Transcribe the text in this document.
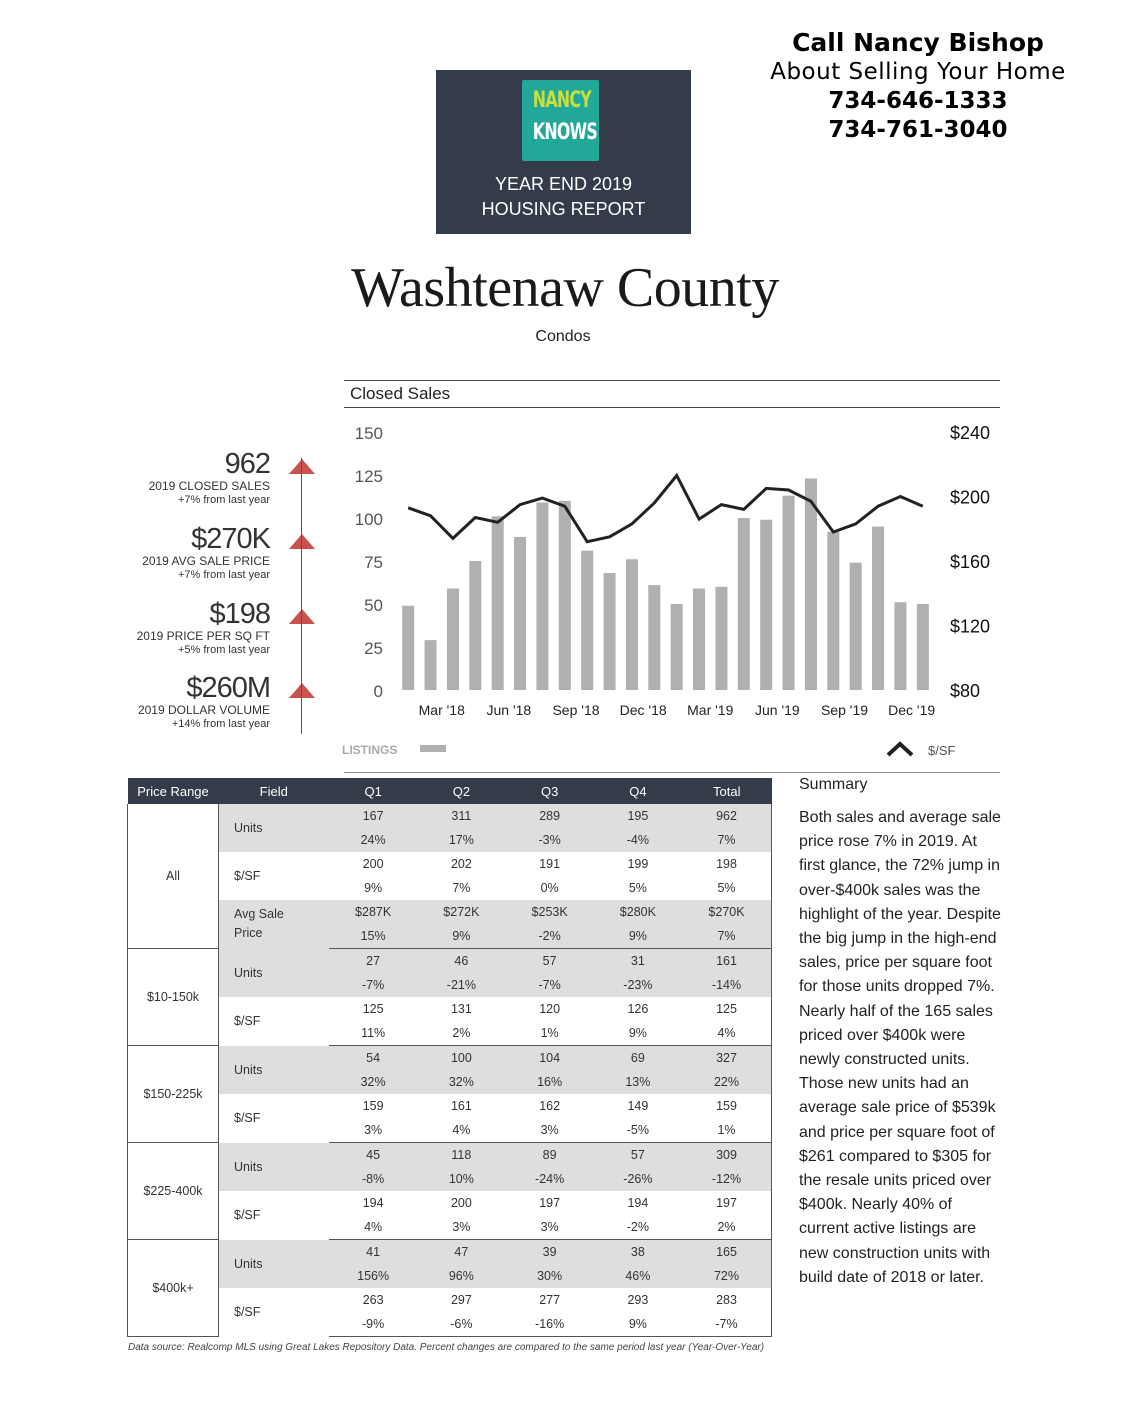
Call Nancy Bishop
About Selling Your Home
734-646-1333
734-761-3040
NANCY
KNOWS
YEAR END 2019
HOUSING REPORT
Washtenaw County
Condos
962
2019 CLOSED SALES
+7% from last year
$270K
2019 AVG SALE PRICE
+7% from last year
$198
2019 PRICE PER SQ FT
+5% from last year
$260M
2019 DOLLAR VOLUME
+14% from last year
Closed Sales
150
125
100
75
50
25
0
$240
$200
$160
$120
$80
Mar '18 Jun '18 Sep '18 Dec '18 Mar '19 Jun '19 Sep '19 Dec '19
LISTINGS	$/SF
Price Range	Field	Q1	Q2	Q3	Q4	Total
All	Units	167	311	289	195	962
		24%	17%	-3%	-4%	7%
	$/SF	200	202	191	199	198
		9%	7%	0%	5%	5%
	Avg Sale Price	$287K	$272K	$253K	$280K	$270K
		15%	9%	-2%	9%	7%
$10-150k	Units	27	46	57	31	161
		-7%	-21%	-7%	-23%	-14%
	$/SF	125	131	120	126	125
		11%	2%	1%	9%	4%
$150-225k	Units	54	100	104	69	327
		32%	32%	16%	13%	22%
	$/SF	159	161	162	149	159
		3%	4%	3%	-5%	1%
$225-400k	Units	45	118	89	57	309
		-8%	10%	-24%	-26%	-12%
	$/SF	194	200	197	194	197
		4%	3%	3%	-2%	2%
$400k+	Units	41	47	39	38	165
		156%	96%	30%	46%	72%
	$/SF	263	297	277	293	283
		-9%	-6%	-16%	9%	-7%
Summary
Both sales and average sale price rose 7% in 2019. At first glance, the 72% jump in over-$400k sales was the highlight of the year. Despite the big jump in the high-end sales, price per square foot for those units dropped 7%. Nearly half of the 165 sales priced over $400k were newly constructed units. Those new units had an average sale price of $539k and price per square foot of $261 compared to $305 for the resale units priced over $400k. Nearly 40% of current active listings are new construction units with build date of 2018 or later.
Data source: Realcomp MLS using Great Lakes Repository Data. Percent changes are compared to the same period last year (Year-Over-Year)
